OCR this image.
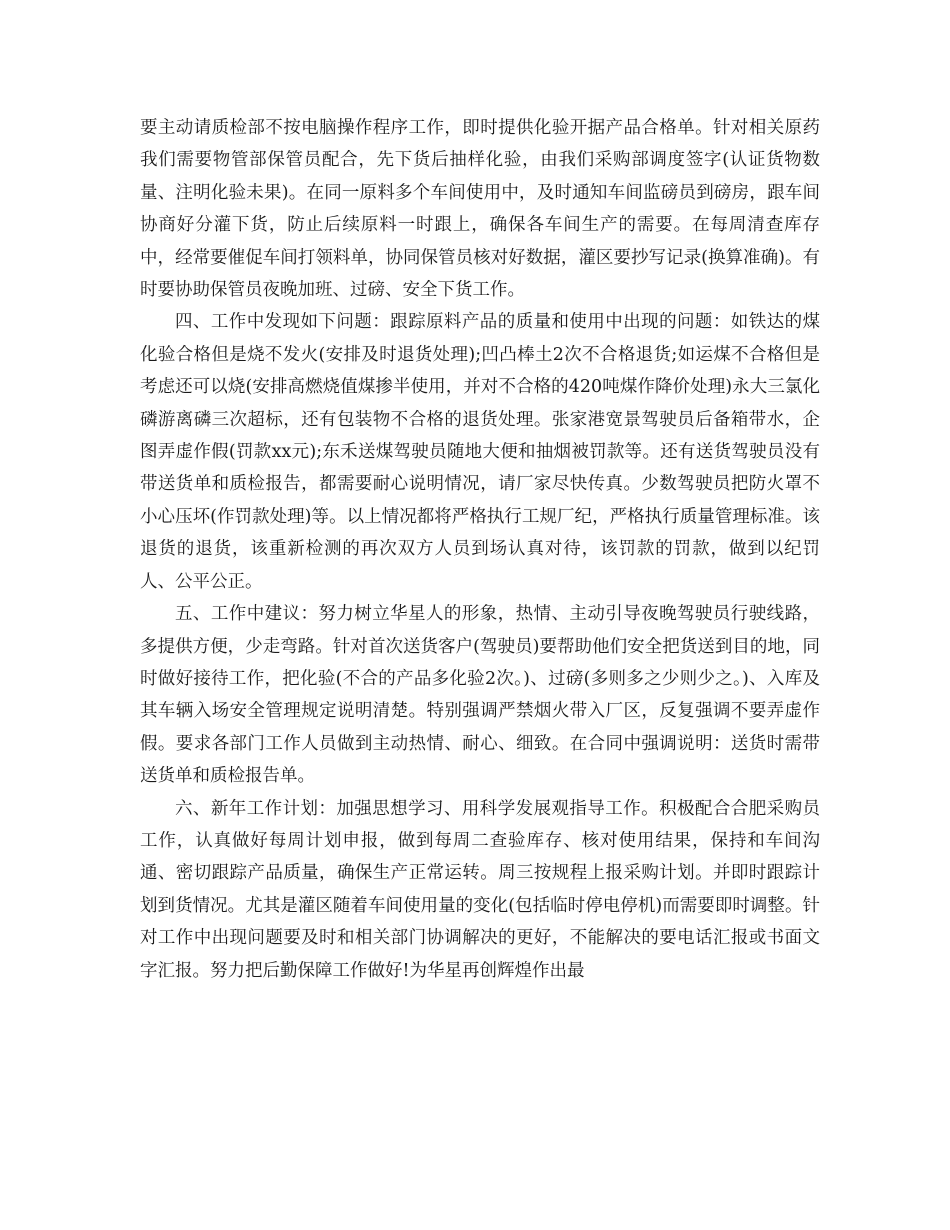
要主动请质检部不按电脑操作程序工作，即时提供化验开据产品合格单。针对相关原药我们需要物管部保管员配合，先下货后抽样化验，由我们采购部调度签字(认证货物数量、注明化验未果)。在同一原料多个车间使用中，及时通知车间监磅员到磅房，跟车间协商好分灌下货，防止后续原料一时跟上，确保各车间生产的需要。在每周清查库存中，经常要催促车间打领料单，协同保管员核对好数据，灌区要抄写记录(换算准确)。有时要协助保管员夜晚加班、过磅、安全下货工作。

四、工作中发现如下问题：跟踪原料产品的质量和使用中出现的问题：如铁达的煤化验合格但是烧不发火(安排及时退货处理);凹凸棒土2次不合格退货;如运煤不合格但是考虑还可以烧(安排高燃烧值煤掺半使用，并对不合格的420吨煤作降价处理)永大三氯化磷游离磷三次超标，还有包装物不合格的退货处理。张家港宽景驾驶员后备箱带水，企图弄虚作假(罚款xx元);东禾送煤驾驶员随地大便和抽烟被罚款等。还有送货驾驶员没有带送货单和质检报告，都需要耐心说明情况，请厂家尽快传真。少数驾驶员把防火罩不小心压坏(作罚款处理)等。以上情况都将严格执行工规厂纪，严格执行质量管理标准。该退货的退货，该重新检测的再次双方人员到场认真对待，该罚款的罚款，做到以纪罚人、公平公正。

五、工作中建议：努力树立华星人的形象，热情、主动引导夜晚驾驶员行驶线路，多提供方便，少走弯路。针对首次送货客户(驾驶员)要帮助他们安全把货送到目的地，同时做好接待工作，把化验(不合的产品多化验2次。)、过磅(多则多之少则少之。)、入库及其车辆入场安全管理规定说明清楚。特别强调严禁烟火带入厂区，反复强调不要弄虚作假。要求各部门工作人员做到主动热情、耐心、细致。在合同中强调说明：送货时需带送货单和质检报告单。

六、新年工作计划：加强思想学习、用科学发展观指导工作。积极配合合肥采购员工作，认真做好每周计划申报，做到每周二查验库存、核对使用结果，保持和车间沟通、密切跟踪产品质量，确保生产正常运转。周三按规程上报采购计划。并即时跟踪计划到货情况。尤其是灌区随着车间使用量的变化(包括临时停电停机)而需要即时调整。针对工作中出现问题要及时和相关部门协调解决的更好，不能解决的要电话汇报或书面文字汇报。努力把后勤保障工作做好!为华星再创辉煌作出最
